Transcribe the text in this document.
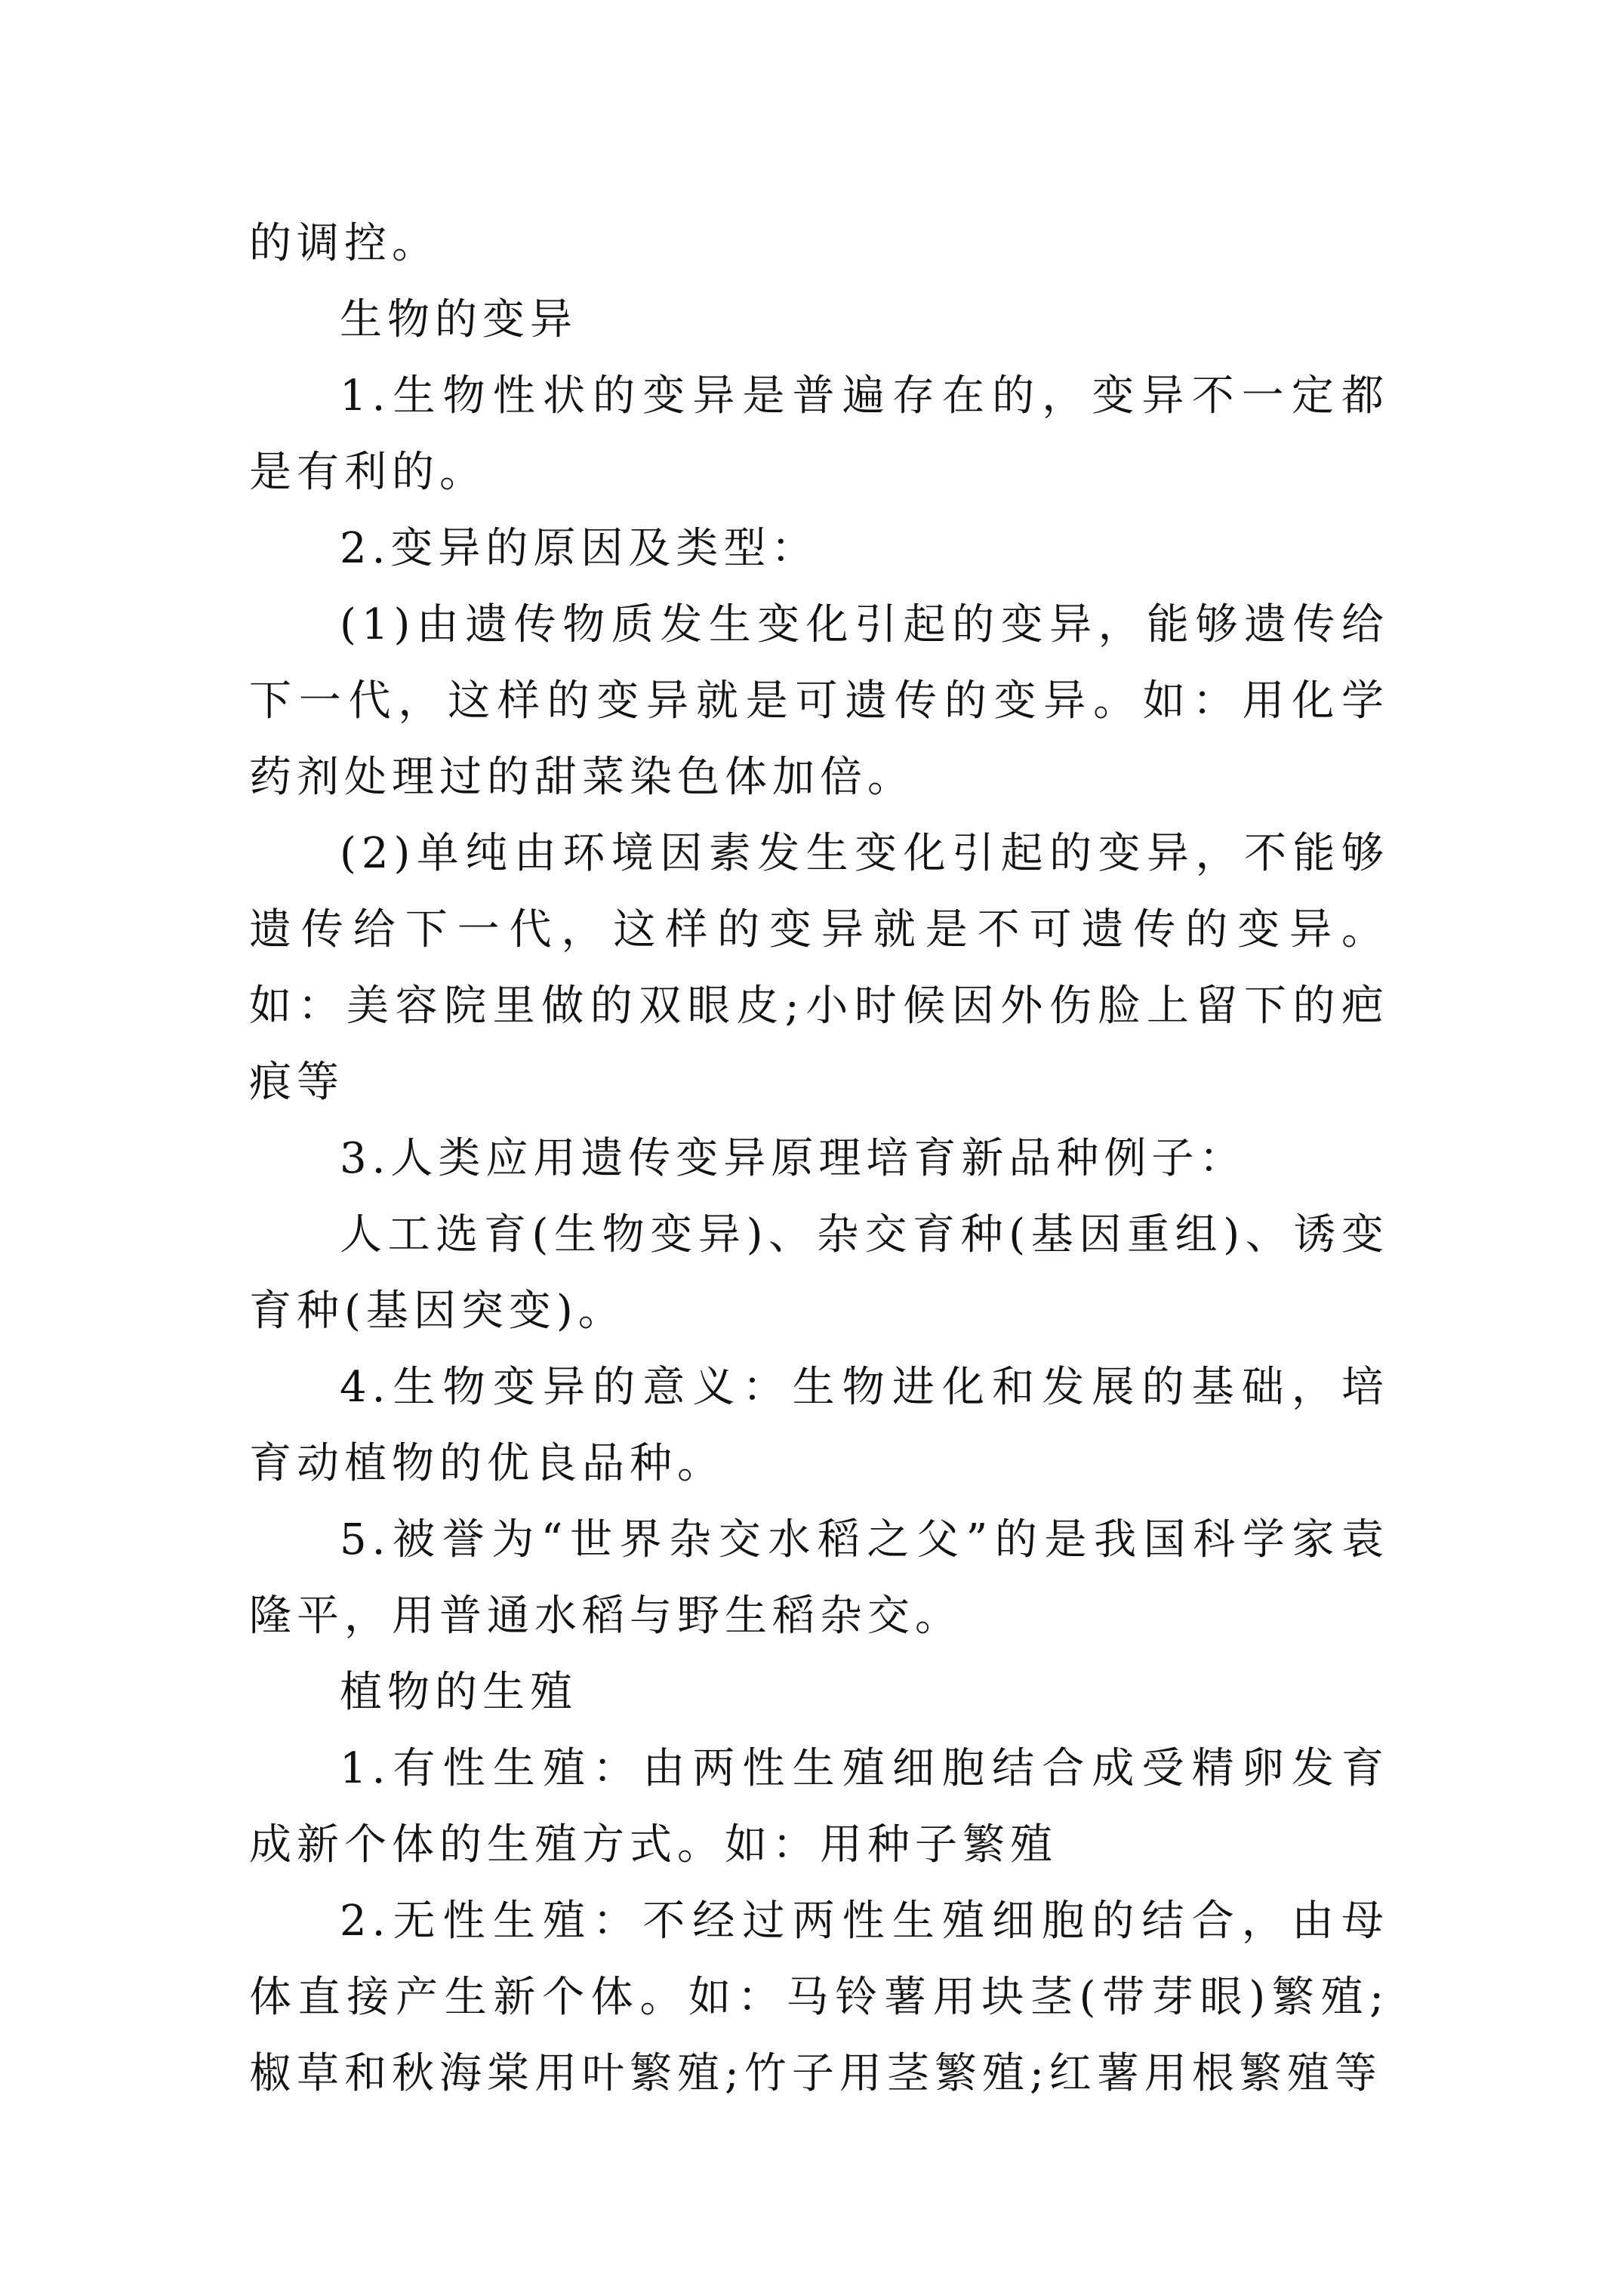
的调控。

生物的变异

1.生物性状的变异是普遍存在的，变异不一定都是有利的。

2.变异的原因及类型：

(1)由遗传物质发生变化引起的变异，能够遗传给下一代，这样的变异就是可遗传的变异。如：用化学药剂处理过的甜菜染色体加倍。

(2)单纯由环境因素发生变化引起的变异，不能够遗传给下一代，这样的变异就是不可遗传的变异。如：美容院里做的双眼皮;小时候因外伤脸上留下的疤痕等

3.人类应用遗传变异原理培育新品种例子：

人工选育(生物变异)、杂交育种(基因重组)、诱变育种(基因突变)。

4.生物变异的意义：生物进化和发展的基础，培育动植物的优良品种。

5.被誉为“世界杂交水稻之父”的是我国科学家袁隆平，用普通水稻与野生稻杂交。

植物的生殖

1.有性生殖：由两性生殖细胞结合成受精卵发育成新个体的生殖方式。如：用种子繁殖

2.无性生殖：不经过两性生殖细胞的结合，由母体直接产生新个体。如：马铃薯用块茎(带芽眼)繁殖;椒草和秋海棠用叶繁殖;竹子用茎繁殖;红薯用根繁殖等
